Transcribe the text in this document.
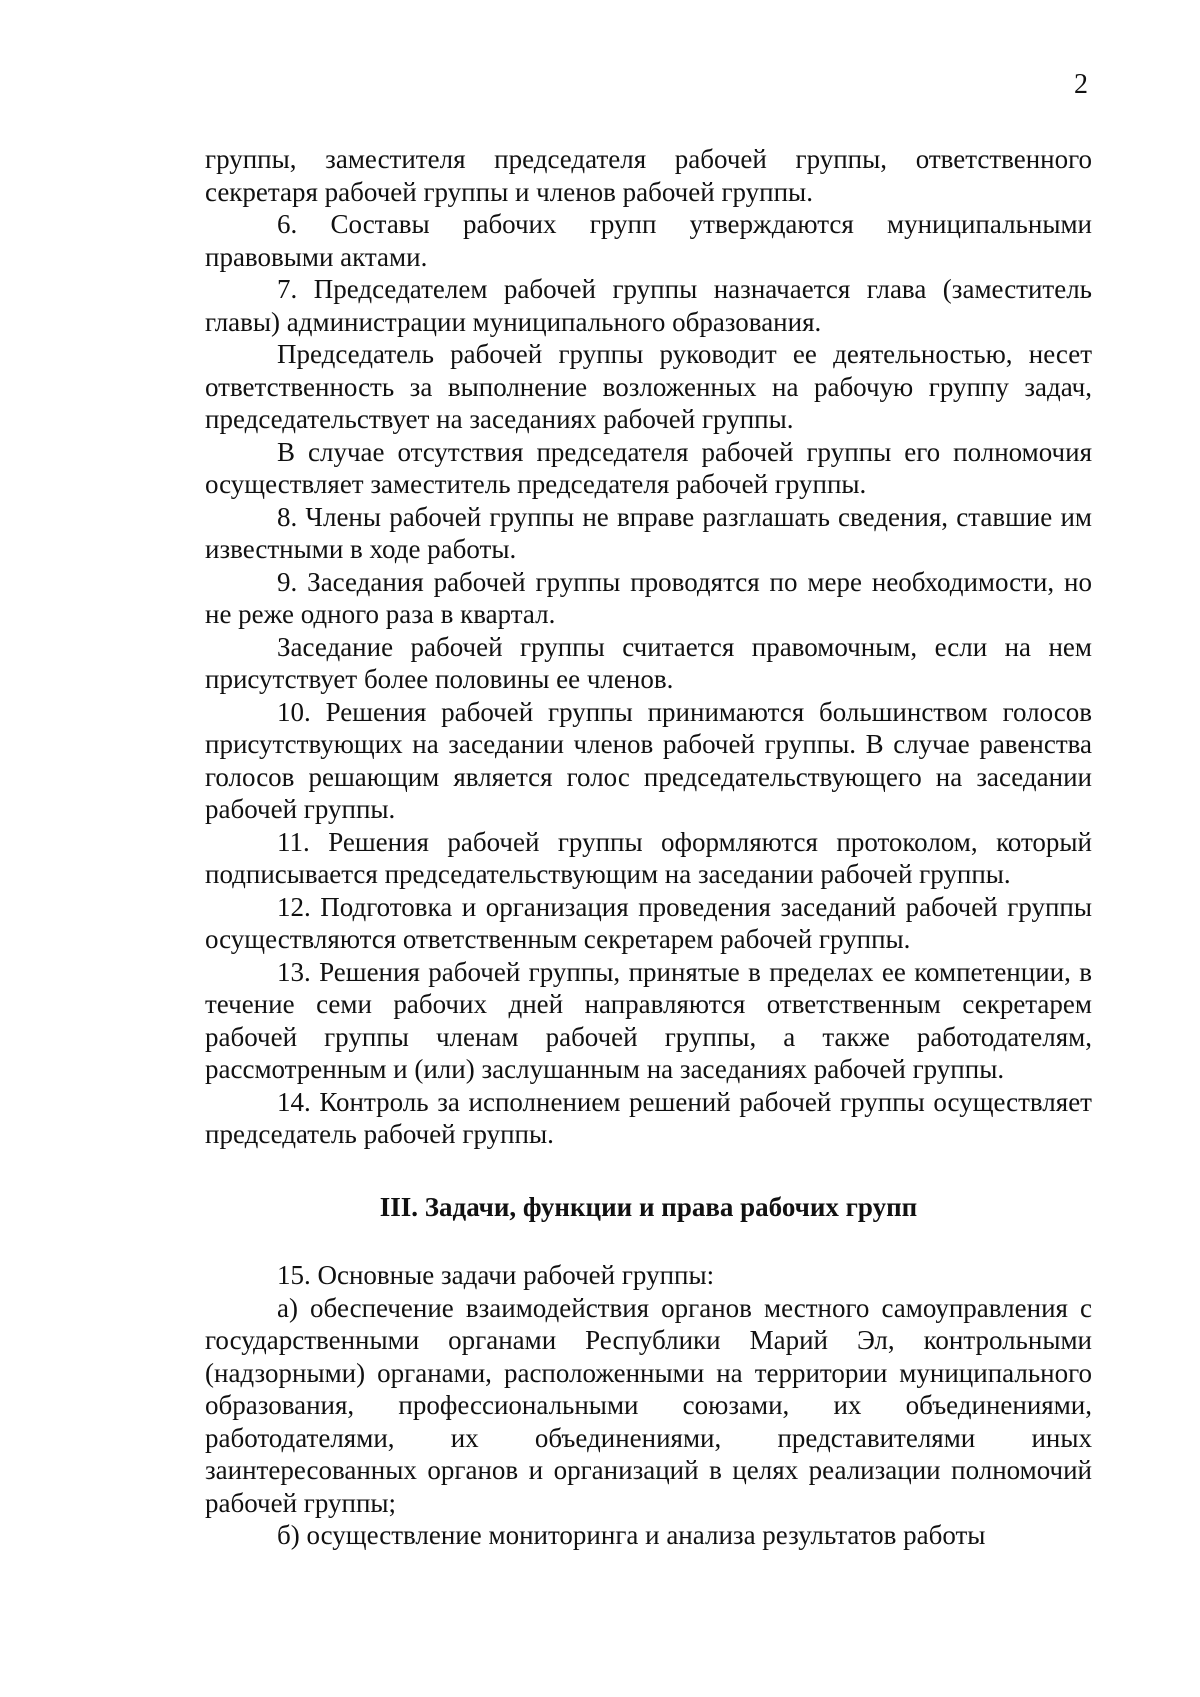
2

группы, заместителя председателя рабочей группы, ответственного секретаря рабочей группы и членов рабочей группы.

6. Составы рабочих групп утверждаются муниципальными правовыми актами.

7. Председателем рабочей группы назначается глава (заместитель главы) администрации муниципального образования.

Председатель рабочей группы руководит ее деятельностью, несет ответственность за выполнение возложенных на рабочую группу задач, председательствует на заседаниях рабочей группы.

В случае отсутствия председателя рабочей группы его полномочия осуществляет заместитель председателя рабочей группы.

8. Члены рабочей группы не вправе разглашать сведения, ставшие им известными в ходе работы.

9. Заседания рабочей группы проводятся по мере необходимости, но не реже одного раза в квартал.

Заседание рабочей группы считается правомочным, если на нем присутствует более половины ее членов.

10. Решения рабочей группы принимаются большинством голосов присутствующих на заседании членов рабочей группы. В случае равенства голосов решающим является голос председательствующего на заседании рабочей группы.

11. Решения рабочей группы оформляются протоколом, который подписывается председательствующим на заседании рабочей группы.

12. Подготовка и организация проведения заседаний рабочей группы осуществляются ответственным секретарем рабочей группы.

13. Решения рабочей группы, принятые в пределах ее компетенции, в течение семи рабочих дней направляются ответственным секретарем рабочей группы членам рабочей группы, а также работодателям, рассмотренным и (или) заслушанным на заседаниях рабочей группы.

14. Контроль за исполнением решений рабочей группы осуществляет председатель рабочей группы.

III. Задачи, функции и права рабочих групп

15. Основные задачи рабочей группы:

а) обеспечение взаимодействия органов местного самоуправления с государственными органами Республики Марий Эл, контрольными (надзорными) органами, расположенными на территории муниципального образования, профессиональными союзами, их объединениями, работодателями, их объединениями, представителями иных заинтересованных органов и организаций в целях реализации полномочий рабочей группы;

б) осуществление мониторинга и анализа результатов работы
